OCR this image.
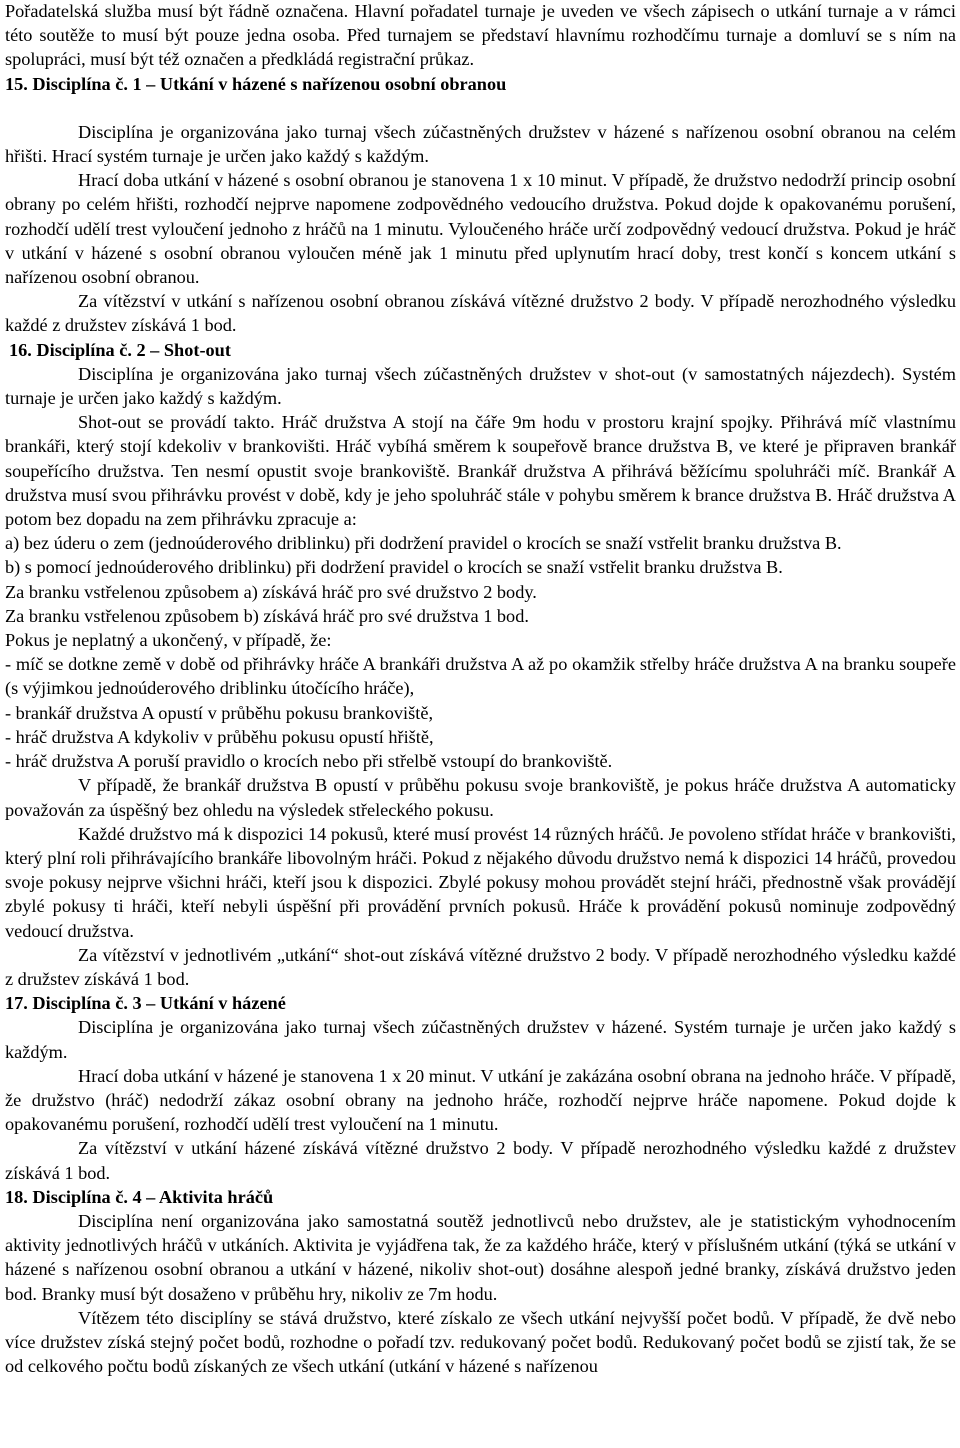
Pořadatelská služba musí být řádně označena. Hlavní pořadatel turnaje je uveden ve všech zápisech o utkání turnaje a v rámci této soutěže to musí být pouze jedna osoba. Před turnajem se představí hlavnímu rozhodčímu turnaje a domluví se s ním na spolupráci, musí být též označen a předkládá registrační průkaz.

15. Disciplína č. 1 – Utkání v házené s nařízenou osobní obranou

Disciplína je organizována jako turnaj všech zúčastněných družstev v házené s nařízenou osobní obranou na celém hřišti. Hrací systém turnaje je určen jako každý s každým.

Hrací doba utkání v házené s osobní obranou je stanovena 1 x 10 minut. V případě, že družstvo nedodrží princip osobní obrany po celém hřišti, rozhodčí nejprve napomene zodpovědného vedoucího družstva. Pokud dojde k opakovanému porušení, rozhodčí udělí trest vyloučení jednoho z hráčů na 1 minutu. Vyloučeného hráče určí zodpovědný vedoucí družstva. Pokud je hráč v utkání v házené s osobní obranou vyloučen méně jak 1 minutu před uplynutím hrací doby, trest končí s koncem utkání s nařízenou osobní obranou.

Za vítězství v utkání s nařízenou osobní obranou získává vítězné družstvo 2 body. V případě nerozhodného výsledku každé z družstev získává 1 bod.

16. Disciplína č. 2 – Shot-out

Disciplína je organizována jako turnaj všech zúčastněných družstev v shot-out (v samostatných nájezdech). Systém turnaje je určen jako každý s každým.

Shot-out se provádí takto. Hráč družstva A stojí na čáře 9m hodu v prostoru krajní spojky. Přihrává míč vlastnímu brankáři, který stojí kdekoliv v brankovišti. Hráč vybíhá směrem k soupeřově brance družstva B, ve které je připraven brankář soupeřícího družstva. Ten nesmí opustit svoje brankoviště. Brankář družstva A přihrává běžícímu spoluhráči míč. Brankář A družstva musí svou přihrávku provést v době, kdy je jeho spoluhráč stále v pohybu směrem k brance družstva B. Hráč družstva A potom bez dopadu na zem přihrávku zpracuje a:

a) bez úderu o zem (jednoúderového driblinku) při dodržení pravidel o krocích se snaží vstřelit branku družstva B.

b) s pomocí jednoúderového driblinku) při dodržení pravidel o krocích se snaží vstřelit branku družstva B.

Za branku vstřelenou způsobem a) získává hráč pro své družstvo 2 body.

Za branku vstřelenou způsobem b) získává hráč pro své družstva 1 bod.

Pokus je neplatný a ukončený, v případě, že:

- míč se dotkne země v době od přihrávky hráče A brankáři družstva A až po okamžik střelby hráče družstva A na branku soupeře (s výjimkou jednoúderového driblinku útočícího hráče),

- brankář družstva A opustí v průběhu pokusu brankoviště,

- hráč družstva A kdykoliv v průběhu pokusu opustí hřiště,

- hráč družstva A poruší pravidlo o krocích nebo při střelbě vstoupí do brankoviště.

V případě, že brankář družstva B opustí v průběhu pokusu svoje brankoviště, je pokus hráče družstva A automaticky považován za úspěšný bez ohledu na výsledek střeleckého pokusu.

Každé družstvo má k dispozici 14 pokusů, které musí provést 14 různých hráčů. Je povoleno střídat hráče v brankovišti, který plní roli přihrávajícího brankáře libovolným hráči. Pokud z nějakého důvodu družstvo nemá k dispozici 14 hráčů, provedou svoje pokusy nejprve všichni hráči, kteří jsou k dispozici. Zbylé pokusy mohou provádět stejní hráči, přednostně však provádějí zbylé pokusy ti hráči, kteří nebyli úspěšní při provádění prvních pokusů. Hráče k provádění pokusů nominuje zodpovědný vedoucí družstva.

Za vítězství v jednotlivém „utkání“ shot-out získává vítězné družstvo 2 body. V případě nerozhodného výsledku každé z družstev získává 1 bod.

17. Disciplína č. 3 – Utkání v házené

Disciplína je organizována jako turnaj všech zúčastněných družstev v házené. Systém turnaje je určen jako každý s každým.

Hrací doba utkání v házené je stanovena 1 x 20 minut. V utkání je zakázána osobní obrana na jednoho hráče. V případě, že družstvo (hráč) nedodrží zákaz osobní obrany na jednoho hráče, rozhodčí nejprve hráče napomene. Pokud dojde k opakovanému porušení, rozhodčí udělí trest vyloučení na 1 minutu.

Za vítězství v utkání házené získává vítězné družstvo 2 body. V případě nerozhodného výsledku každé z družstev získává 1 bod.

18. Disciplína č. 4 – Aktivita hráčů

Disciplína není organizována jako samostatná soutěž jednotlivců nebo družstev, ale je statistickým vyhodnocením aktivity jednotlivých hráčů v utkáních. Aktivita je vyjádřena tak, že za každého hráče, který v příslušném utkání (týká se utkání v házené s nařízenou osobní obranou a utkání v házené, nikoliv shot-out) dosáhne alespoň jedné branky, získává družstvo jeden bod. Branky musí být dosaženo v průběhu hry, nikoliv ze 7m hodu.

Vítězem této disciplíny se stává družstvo, které získalo ze všech utkání nejvyšší počet bodů. V případě, že dvě nebo více družstev získá stejný počet bodů, rozhodne o pořadí tzv. redukovaný počet bodů. Redukovaný počet bodů se zjistí tak, že se od celkového počtu bodů získaných ze všech utkání (utkání v házené s nařízenou
